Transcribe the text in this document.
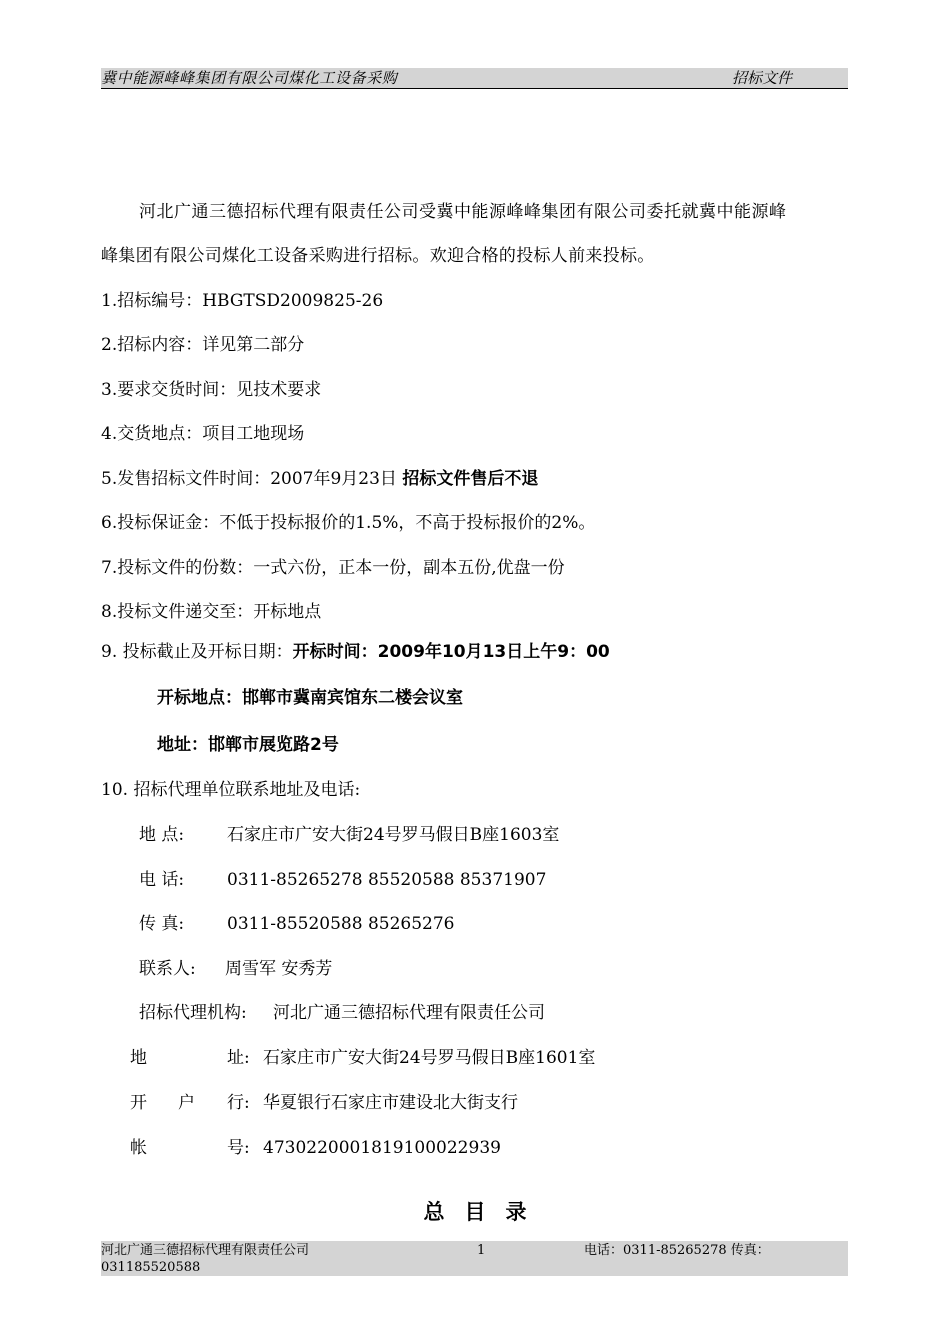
冀中能源峰峰集团有限公司煤化工设备采购	招标文件
河北广通三德招标代理有限责任公司受冀中能源峰峰集团有限公司委托就冀中能源峰
峰集团有限公司煤化工设备采购进行招标。欢迎合格的投标人前来投标。
1.招标编号：HBGTSD2009825-26
2.招标内容：详见第二部分
3.要求交货时间：见技术要求
4.交货地点：项目工地现场
5.发售招标文件时间：2007年9月23日 招标文件售后不退
6.投标保证金：不低于投标报价的1.5%，不高于投标报价的2%。
7.投标文件的份数：一式六份，正本一份，副本五份,优盘一份
8.投标文件递交至：开标地点
9. 投标截止及开标日期：开标时间：2009年10月13日上午9：00
开标地点：邯郸市冀南宾馆东二楼会议室
地址：邯郸市展览路2号
10. 招标代理单位联系地址及电话:
地 点:	石家庄市广安大街24号罗马假日B座1603室
电 话:	0311-85265278 85520588 85371907
传 真:	0311-85520588 85265276
联系人: 周雪军 安秀芳
招标代理机构: 河北广通三德招标代理有限责任公司
地	址: 石家庄市广安大街24号罗马假日B座1601室
开 户 行: 华夏银行石家庄市建设北大街支行
帐	号: 4730220001819100022939
总目录
河北广通三德招标代理有限责任公司	1	电话：0311-85265278 传真：
031185520588
